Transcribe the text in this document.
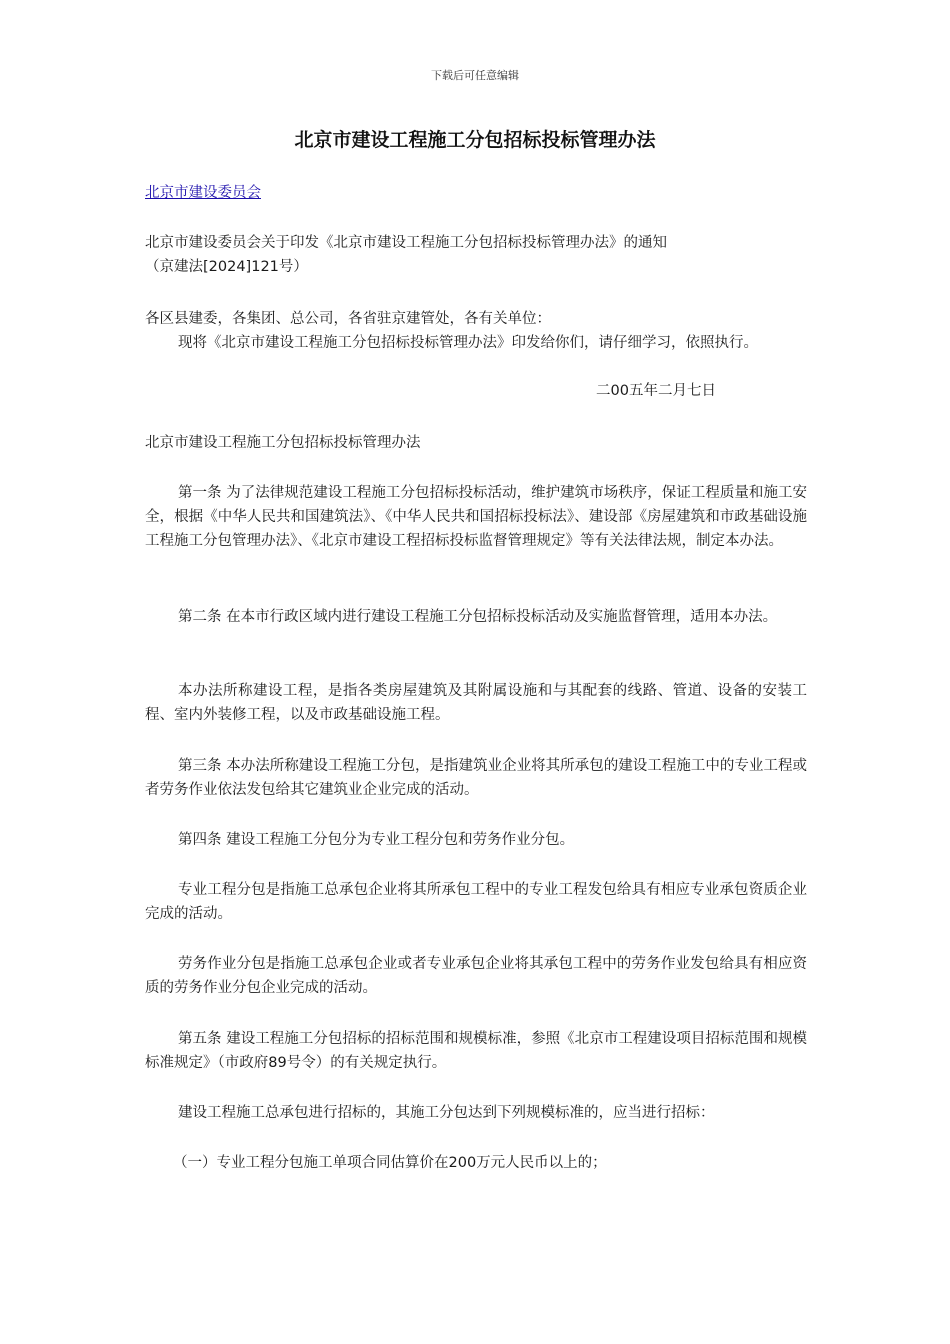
下载后可任意编辑
北京市建设工程施工分包招标投标管理办法
北京市建设委员会
北京市建设委员会关于印发《北京市建设工程施工分包招标投标管理办法》的通知
（京建法[2024]121号）
各区县建委，各集团、总公司，各省驻京建管处，各有关单位：
现将《北京市建设工程施工分包招标投标管理办法》印发给你们，请仔细学习，依照执行。
二00五年二月七日
北京市建设工程施工分包招标投标管理办法
第一条 为了法律规范建设工程施工分包招标投标活动，维护建筑市场秩序，保证工程质量和施工安全，根据《中华人民共和国建筑法》、《中华人民共和国招标投标法》、建设部《房屋建筑和市政基础设施工程施工分包管理办法》、《北京市建设工程招标投标监督管理规定》等有关法律法规，制定本办法。
第二条 在本市行政区域内进行建设工程施工分包招标投标活动及实施监督管理，适用本办法。
本办法所称建设工程，是指各类房屋建筑及其附属设施和与其配套的线路、管道、设备的安装工程、室内外装修工程，以及市政基础设施工程。
第三条 本办法所称建设工程施工分包，是指建筑业企业将其所承包的建设工程施工中的专业工程或者劳务作业依法发包给其它建筑业企业完成的活动。
第四条 建设工程施工分包分为专业工程分包和劳务作业分包。
专业工程分包是指施工总承包企业将其所承包工程中的专业工程发包给具有相应专业承包资质企业完成的活动。
劳务作业分包是指施工总承包企业或者专业承包企业将其承包工程中的劳务作业发包给具有相应资质的劳务作业分包企业完成的活动。
第五条 建设工程施工分包招标的招标范围和规模标准，参照《北京市工程建设项目招标范围和规模标准规定》（市政府89号令）的有关规定执行。
建设工程施工总承包进行招标的，其施工分包达到下列规模标准的，应当进行招标：
（一）专业工程分包施工单项合同估算价在200万元人民币以上的；
